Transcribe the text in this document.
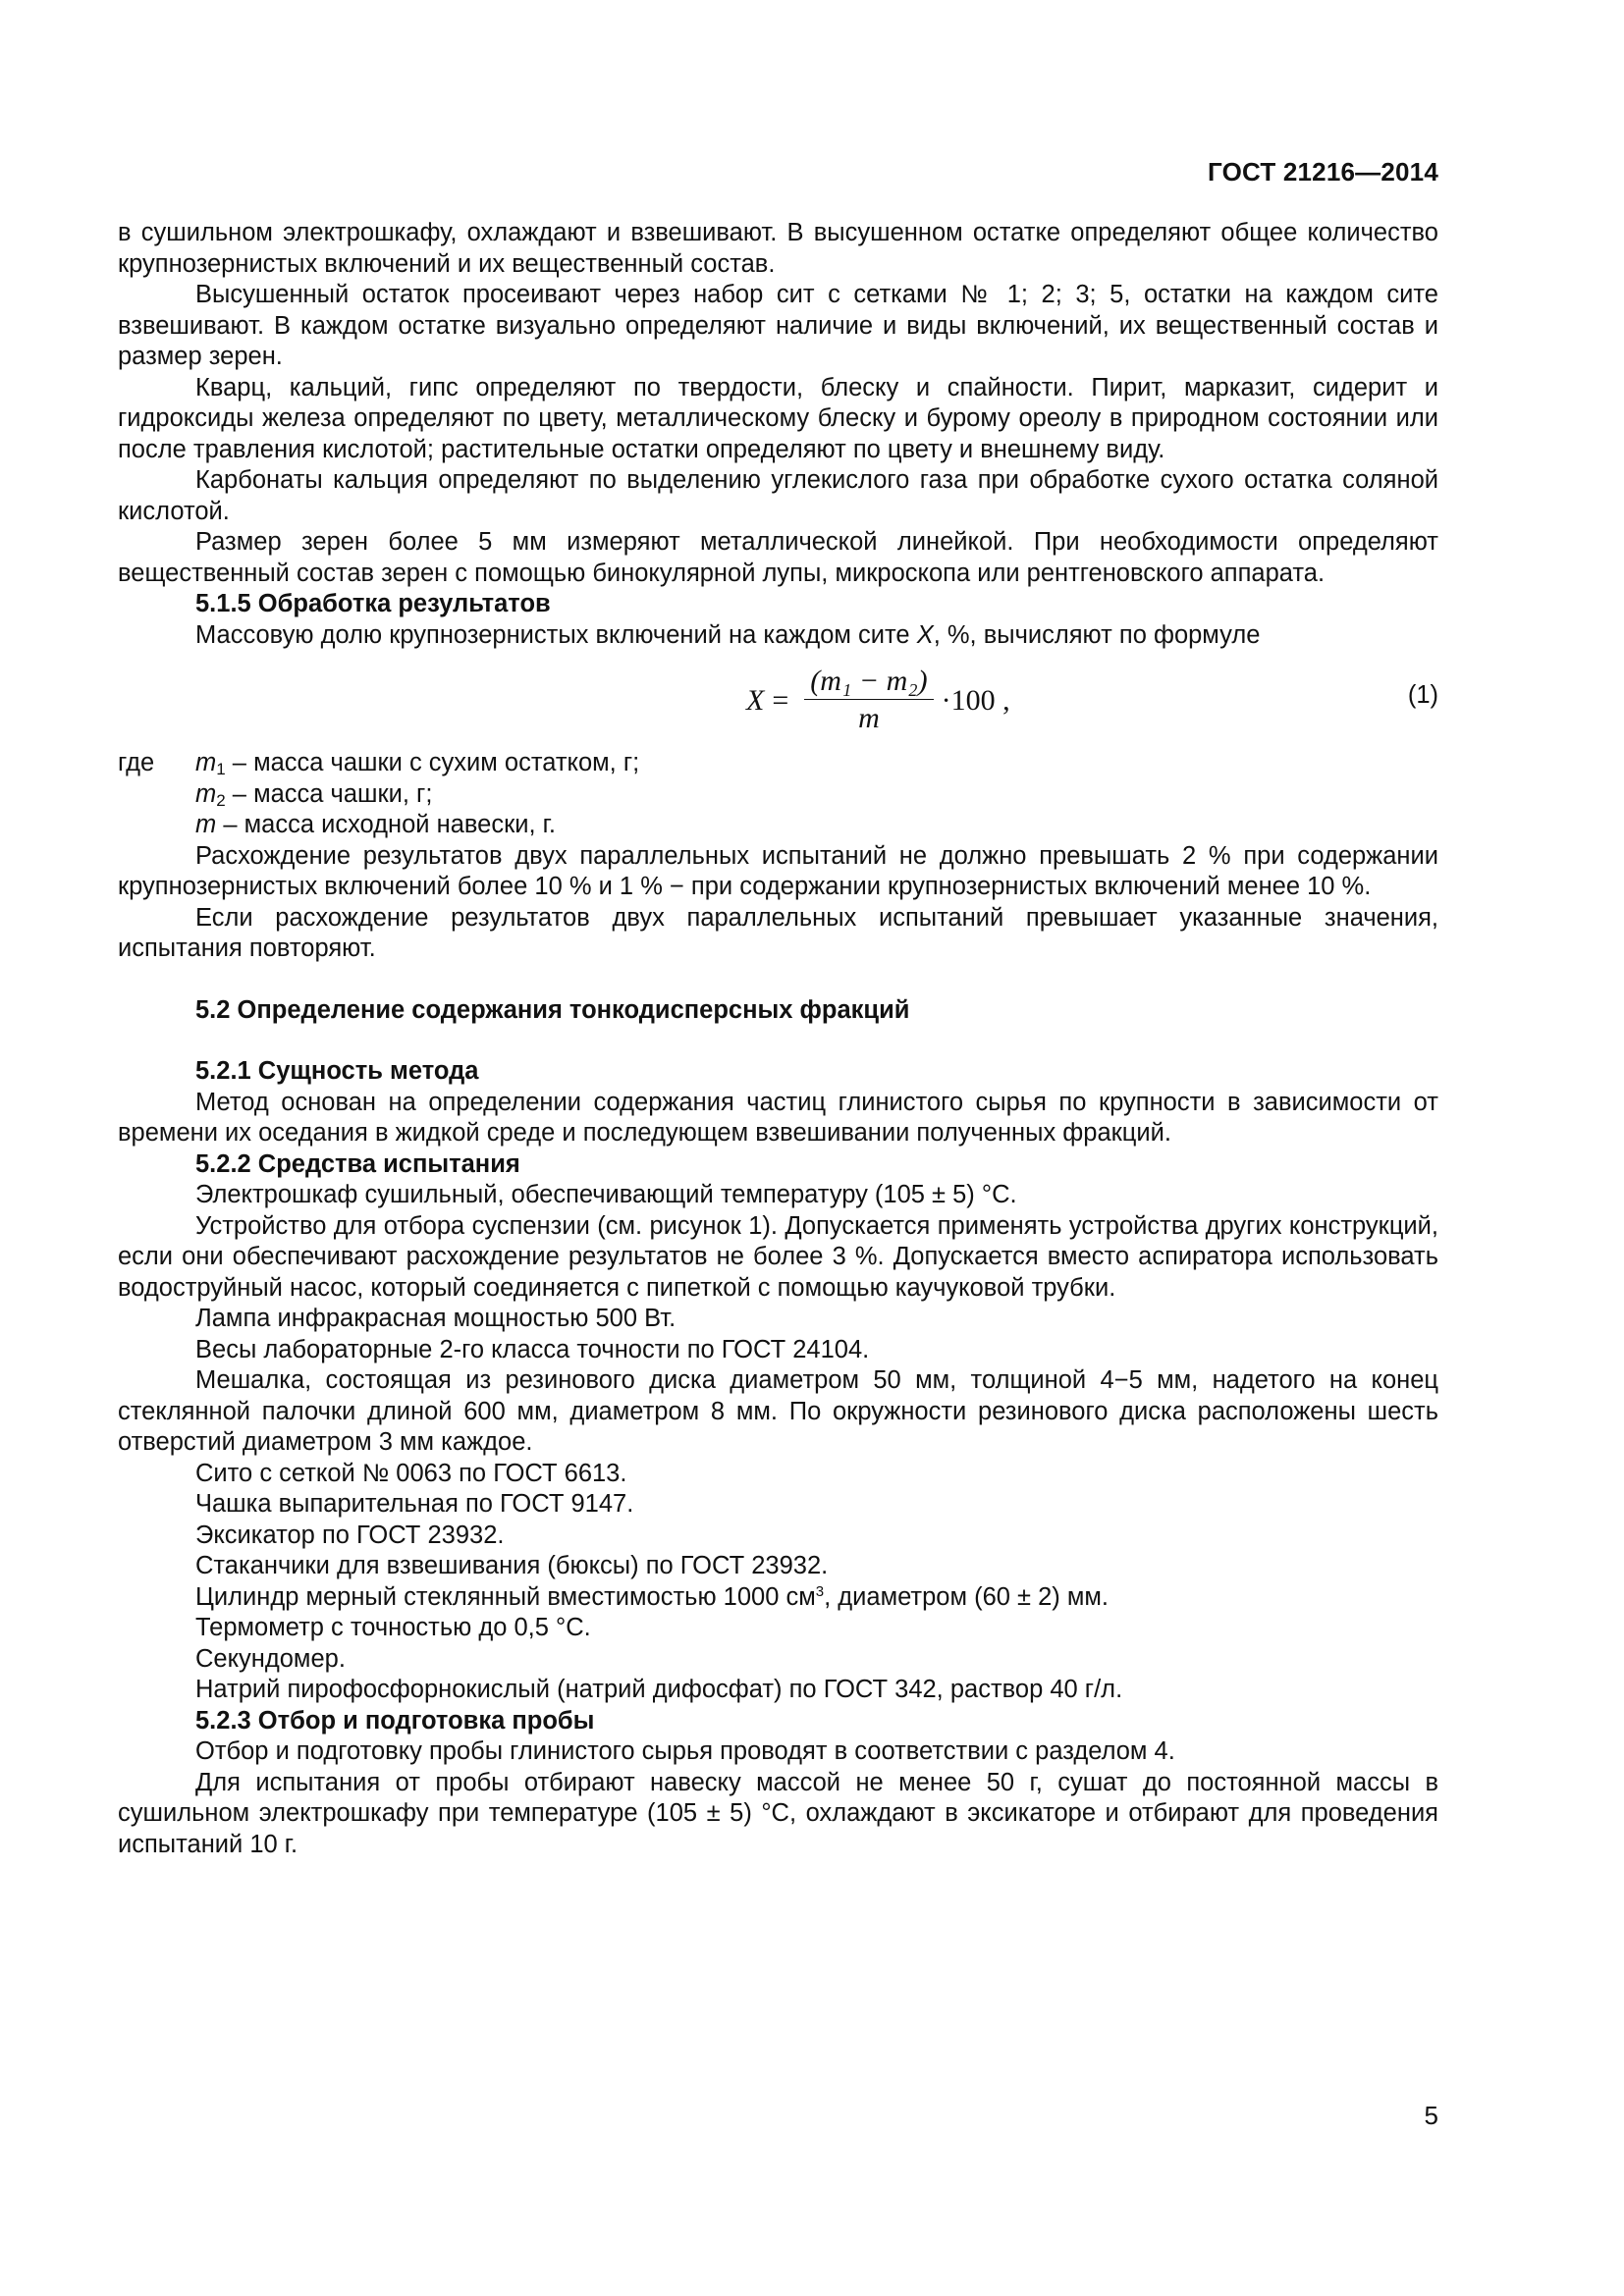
ГОСТ 21216—2014

в сушильном электрошкафу, охлаждают и взвешивают. В высушенном остатке определяют общее количество крупнозернистых включений и их вещественный состав.

Высушенный остаток просеивают через набор сит с сетками № 1; 2; 3; 5, остатки на каждом сите взвешивают. В каждом остатке визуально определяют наличие и виды включений, их вещественный состав и размер зерен.

Кварц, кальций, гипс определяют по твердости, блеску и спайности. Пирит, марказит, сидерит и гидроксиды железа определяют по цвету, металлическому блеску и бурому ореолу в природном состоянии или после травления кислотой; растительные остатки определяют по цвету и внешнему виду.

Карбонаты кальция определяют по выделению углекислого газа при обработке сухого остатка соляной кислотой.

Размер зерен более 5 мм измеряют металлической линейкой. При необходимости определяют вещественный состав зерен с помощью бинокулярной лупы, микроскопа или рентгеновского аппарата.

5.1.5 Обработка результатов

Массовую долю крупнозернистых включений на каждом сите X, %, вычисляют по формуле

$X = \frac{\text{(m₁ − m₂)}}{m} \cdot 100$ ,	(1)
где	$m_1$ – масса чашки с сухим остатком, г;
$m_2$ – масса чашки, г;
m – масса исходной навески, г.

Расхождение результатов двух параллельных испытаний не должно превышать 2 % при содержании крупнозернистых включений более 10 % и 1 % − при содержании крупнозернистых включений менее 10 %.

Если расхождение результатов двух параллельных испытаний превышает указанные значения, испытания повторяют.

5.2 Определение содержания тонкодисперсных фракций

5.2.1 Сущность метода

Метод основан на определении содержания частиц глинистого сырья по крупности в зависимости от времени их оседания в жидкой среде и последующем взвешивании полученных фракций.

5.2.2 Средства испытания

Электрошкаф сушильный, обеспечивающий температуру (105 ± 5) °С.

Устройство для отбора суспензии (см. рисунок 1). Допускается применять устройства других конструкций, если они обеспечивают расхождение результатов не более 3 %. Допускается вместо аспиратора использовать водоструйный насос, который соединяется с пипеткой с помощью каучуковой трубки.

Лампа инфракрасная мощностью 500 Вт.

Весы лабораторные 2-го класса точности по ГОСТ 24104.

Мешалка, состоящая из резинового диска диаметром 50 мм, толщиной 4−5 мм, надетого на конец стеклянной палочки длиной 600 мм, диаметром 8 мм. По окружности резинового диска расположены шесть отверстий диаметром 3 мм каждое.

Сито с сеткой № 0063 по ГОСТ 6613.

Чашка выпарительная по ГОСТ 9147.

Эксикатор по ГОСТ 23932.

Стаканчики для взвешивания (бюксы) по ГОСТ 23932.

Цилиндр мерный стеклянный вместимостью 1000 $см^3$, диаметром (60 ± 2) мм.

Термометр с точностью до 0,5 °С.

Секундомер.

Натрий пирофосфорнокислый (натрий дифосфат) по ГОСТ 342, раствор 40 г/л.

5.2.3 Отбор и подготовка пробы

Отбор и подготовку пробы глинистого сырья проводят в соответствии с разделом 4.

Для испытания от пробы отбирают навеску массой не менее 50 г, сушат до постоянной массы в сушильном электрошкафу при температуре (105 ± 5) °С, охлаждают в эксикаторе и отбирают для проведения испытаний 10 г.

5
